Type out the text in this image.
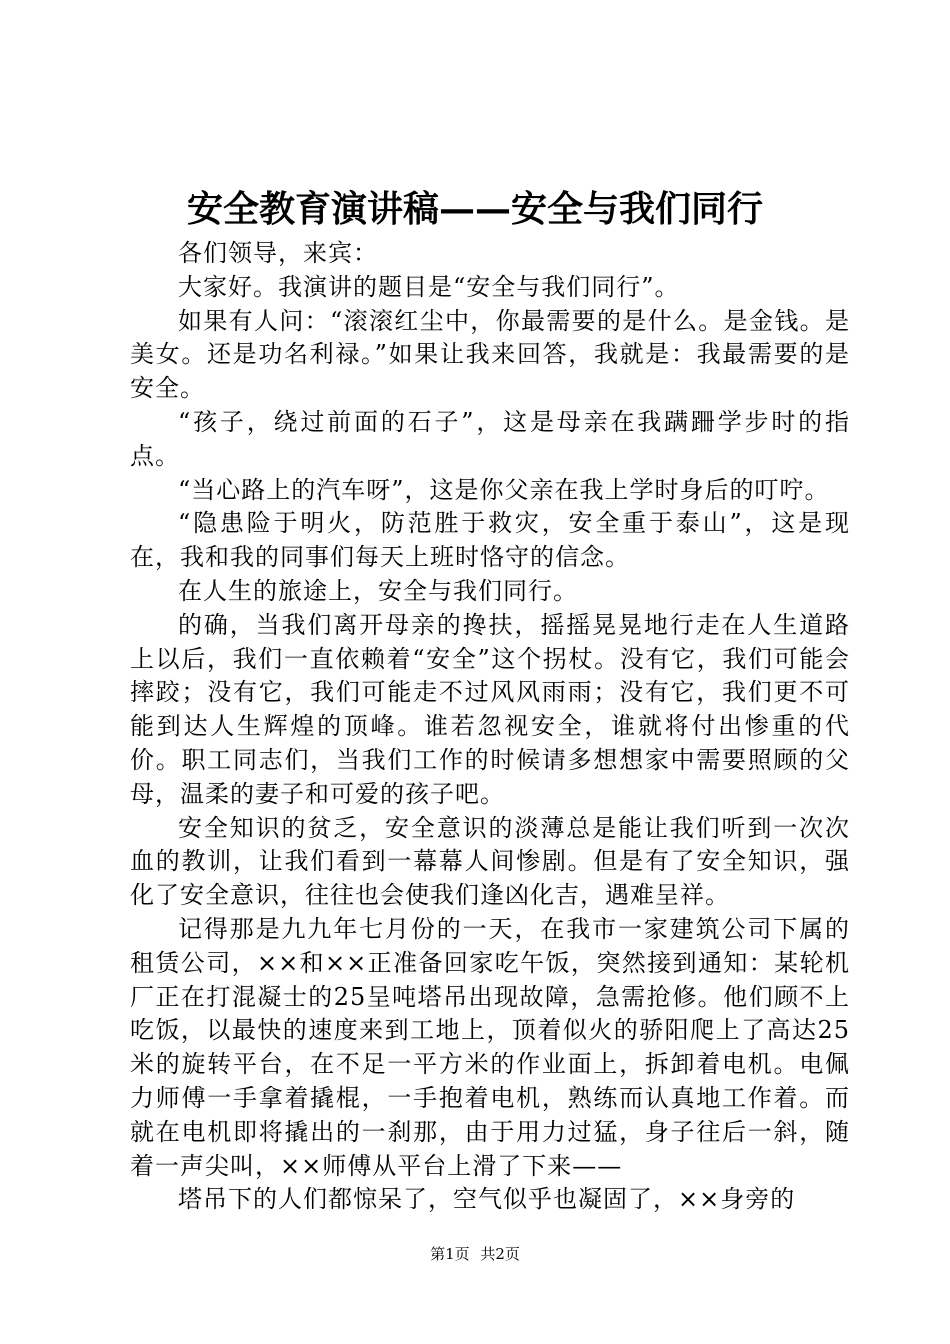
安全教育演讲稿——安全与我们同行

各们领导，来宾：

大家好。我演讲的题目是“安全与我们同行”。

如果有人问：“滚滚红尘中，你最需要的是什么。是金钱。是美女。还是功名利禄。”如果让我来回答，我就是：我最需要的是安全。

“孩子，绕过前面的石子”，这是母亲在我蹒跚学步时的指点。

“当心路上的汽车呀”，这是你父亲在我上学时身后的叮咛。

“隐患险于明火，防范胜于救灾，安全重于泰山”，这是现在，我和我的同事们每天上班时恪守的信念。

在人生的旅途上，安全与我们同行。

的确，当我们离开母亲的搀扶，摇摇晃晃地行走在人生道路上以后，我们一直依赖着“安全”这个拐杖。没有它，我们可能会摔跤；没有它，我们可能走不过风风雨雨；没有它，我们更不可能到达人生辉煌的顶峰。谁若忽视安全，谁就将付出惨重的代价。职工同志们，当我们工作的时候请多想想家中需要照顾的父母，温柔的妻子和可爱的孩子吧。

安全知识的贫乏，安全意识的淡薄总是能让我们听到一次次血的教训，让我们看到一幕幕人间惨剧。但是有了安全知识，强化了安全意识，往往也会使我们逢凶化吉，遇难呈祥。

记得那是九九年七月份的一天，在我市一家建筑公司下属的租赁公司，××和××正准备回家吃午饭，突然接到通知：某轮机厂正在打混凝士的25呈吨塔吊出现故障，急需抢修。他们顾不上吃饭，以最快的速度来到工地上，顶着似火的骄阳爬上了高达25米的旋转平台，在不足一平方米的作业面上，拆卸着电机。电佩力师傅一手拿着撬棍，一手抱着电机，熟练而认真地工作着。而就在电机即将撬出的一刹那，由于用力过猛，身子往后一斜，随着一声尖叫，××师傅从平台上滑了下来——

塔吊下的人们都惊呆了，空气似乎也凝固了，××身旁的

第1页 共2页
